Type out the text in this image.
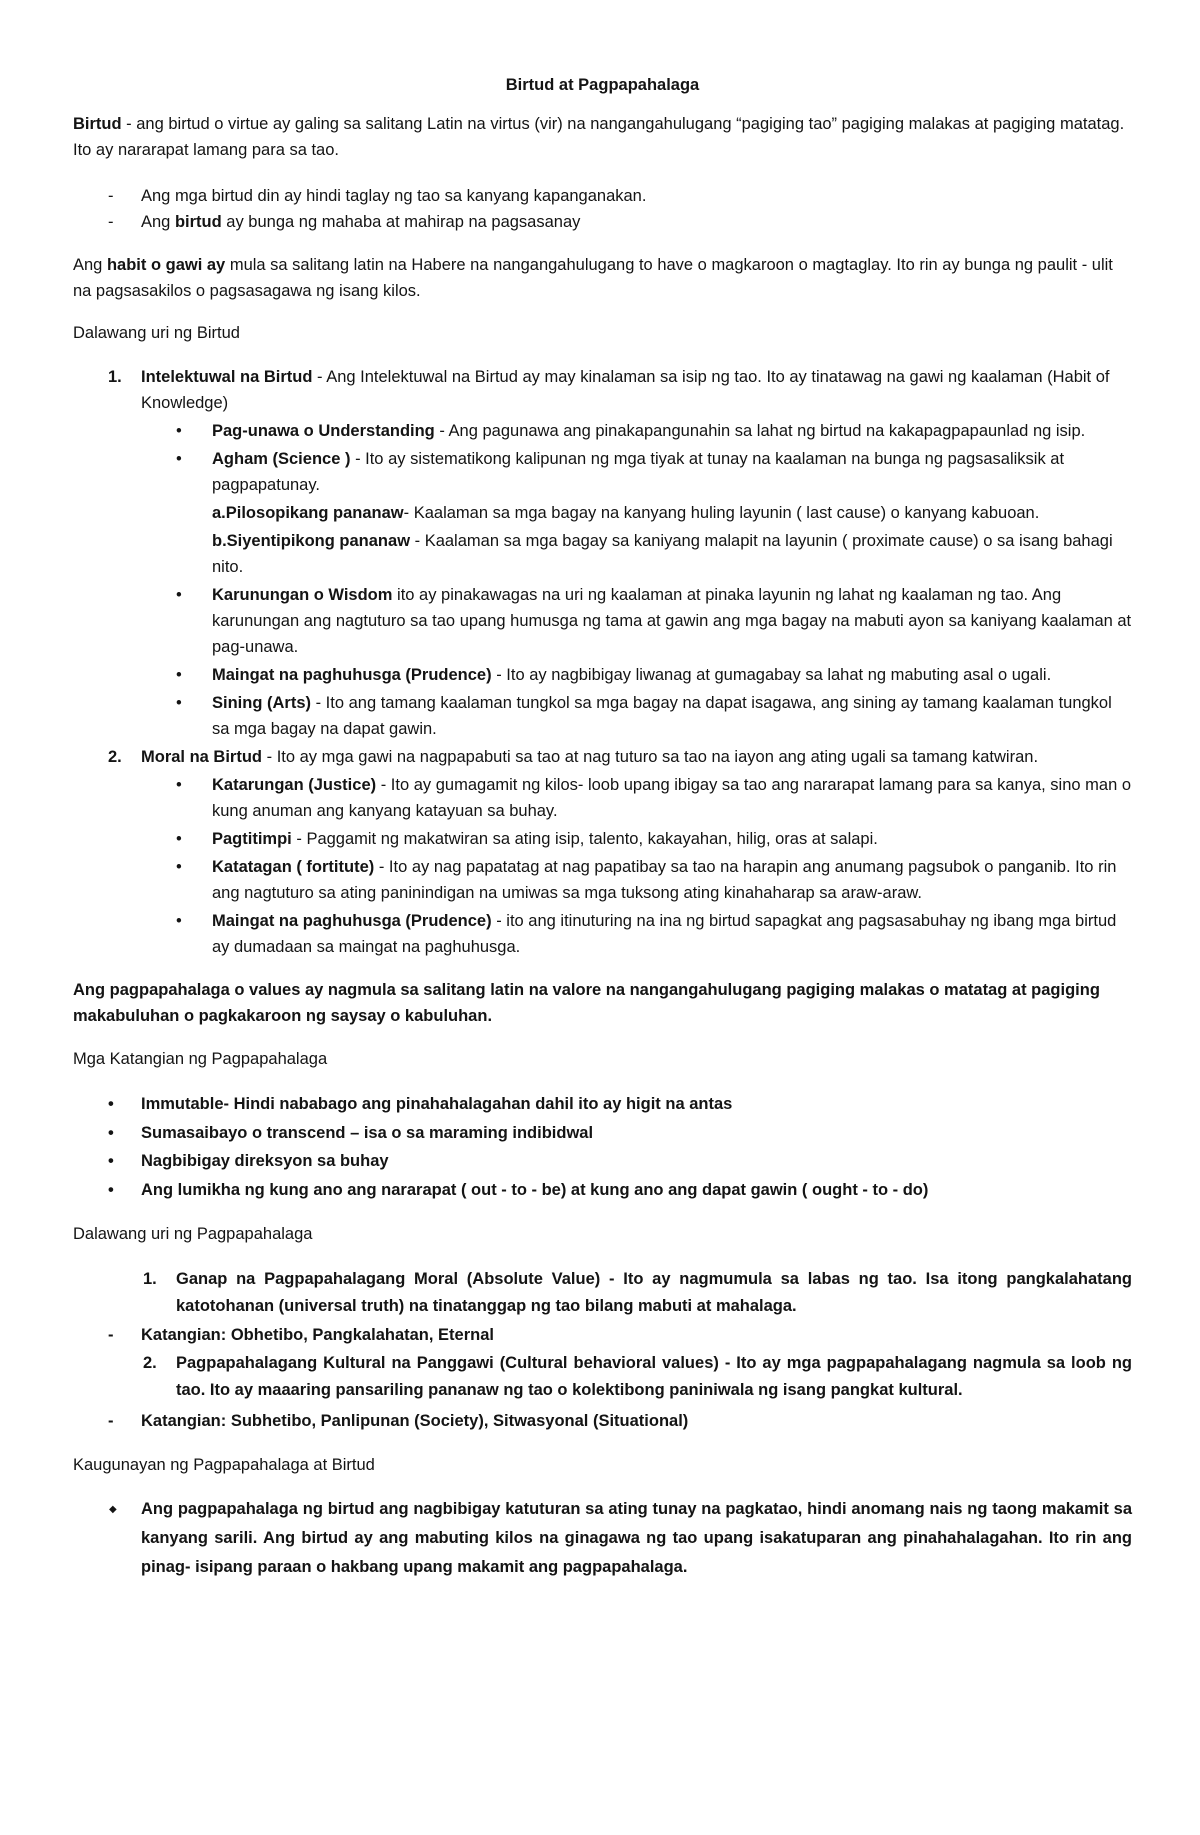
Birtud at Pagpapahalaga

Birtud - ang birtud o virtue ay galing sa salitang Latin na virtus (vir) na nangangahulugang “pagiging tao” pagiging malakas at pagiging matatag. Ito ay nararapat lamang para sa tao.

- Ang mga birtud din ay hindi taglay ng tao sa kanyang kapanganakan.
- Ang birtud ay bunga ng mahaba at mahirap na pagsasanay

Ang habit o gawi ay mula sa salitang latin na Habere na nangangahulugang to have o magkaroon o magtaglay. Ito rin ay bunga ng paulit - ulit na pagsasakilos o pagsasagawa ng isang kilos.

Dalawang uri ng Birtud
1. Intelektuwal na Birtud - Ang Intelektuwal na Birtud ay may kinalaman sa isip ng tao. Ito ay tinatawag na gawi ng kaalaman (Habit of Knowledge)
• Pag-unawa o Understanding - Ang pagunawa ang pinakapangunahin sa lahat ng birtud na kakapagpapaunlad ng isip.
• Agham (Science ) - Ito ay sistematikong kalipunan ng mga tiyak at tunay na kaalaman na bunga ng pagsasaliksik at pagpapatunay.
a.Pilosopikang pananaw- Kaalaman sa mga bagay na kanyang huling layunin ( last cause) o kanyang kabuoan.
b.Siyentipikong pananaw - Kaalaman sa mga bagay sa kaniyang malapit na layunin ( proximate cause) o sa isang bahagi nito.
• Karunungan o Wisdom ito ay pinakawagas na uri ng kaalaman at pinaka layunin ng lahat ng kaalaman ng tao. Ang karunungan ang nagtuturo sa tao upang humusga ng tama at gawin ang mga bagay na mabuti ayon sa kaniyang kaalaman at pag-unawa.
• Maingat na paghuhusga (Prudence) - Ito ay nagbibigay liwanag at gumagabay sa lahat ng mabuting asal o ugali.
• Sining (Arts) - Ito ang tamang kaalaman tungkol sa mga bagay na dapat isagawa, ang sining ay tamang kaalaman tungkol sa mga bagay na dapat gawin.
2. Moral na Birtud - Ito ay mga gawi na nagpapabuti sa tao at nag tuturo sa tao na iayon ang ating ugali sa tamang katwiran.
• Katarungan (Justice) - Ito ay gumagamit ng kilos- loob upang ibigay sa tao ang nararapat lamang para sa kanya, sino man o kung anuman ang kanyang katayuan sa buhay.
• Pagtitimpi - Paggamit ng makatwiran sa ating isip, talento, kakayahan, hilig, oras at salapi.
• Katatagan ( fortitute) - Ito ay nag papatatag at nag papatibay sa tao na harapin ang anumang pagsubok o panganib. Ito rin ang nagtuturo sa ating paninindigan na umiwas sa mga tuksong ating kinahaharap sa araw-araw.
• Maingat na paghuhusga (Prudence) - ito ang itinuturing na ina ng birtud sapagkat ang pagsasabuhay ng ibang mga birtud ay dumadaan sa maingat na paghuhusga.

Ang pagpapahalaga o values ay nagmula sa salitang latin na valore na nangangahulugang pagiging malakas o matatag at pagiging makabuluhan o pagkakaroon ng saysay o kabuluhan.

Mga Katangian ng Pagpapahalaga
• Immutable- Hindi nababago ang pinahahalagahan dahil ito ay higit na antas
• Sumasaibayo o transcend – isa o sa maraming indibidwal
• Nagbibigay direksyon sa buhay
• Ang lumikha ng kung ano ang nararapat ( out - to - be) at kung ano ang dapat gawin ( ought - to - do)
Dalawang uri ng Pagpapahalaga
1. Ganap na Pagpapahalagang Moral (Absolute Value) - Ito ay nagmumula sa labas ng tao. Isa itong pangkalahatang katotohanan (universal truth) na tinatanggap ng tao bilang mabuti at mahalaga.
- Katangian: Obhetibo, Pangkalahatan, Eternal
2. Pagpapahalagang Kultural na Panggawi (Cultural behavioral values) - Ito ay mga pagpapahalagang nagmula sa loob ng tao. Ito ay maaaring pansariling pananaw ng tao o kolektibong paniniwala ng isang pangkat kultural.
- Katangian: Subhetibo, Panlipunan (Society), Sitwasyonal (Situational)
Kaugunayan ng Pagpapahalaga at Birtud
◆ Ang pagpapahalaga ng birtud ang nagbibigay katuturan sa ating tunay na pagkatao, hindi anomang nais ng taong makamit sa kanyang sarili. Ang birtud ay ang mabuting kilos na ginagawa ng tao upang isakatuparan ang pinahahalagahan. Ito rin ang pinag- isipang paraan o hakbang upang makamit ang pagpapahalaga.
